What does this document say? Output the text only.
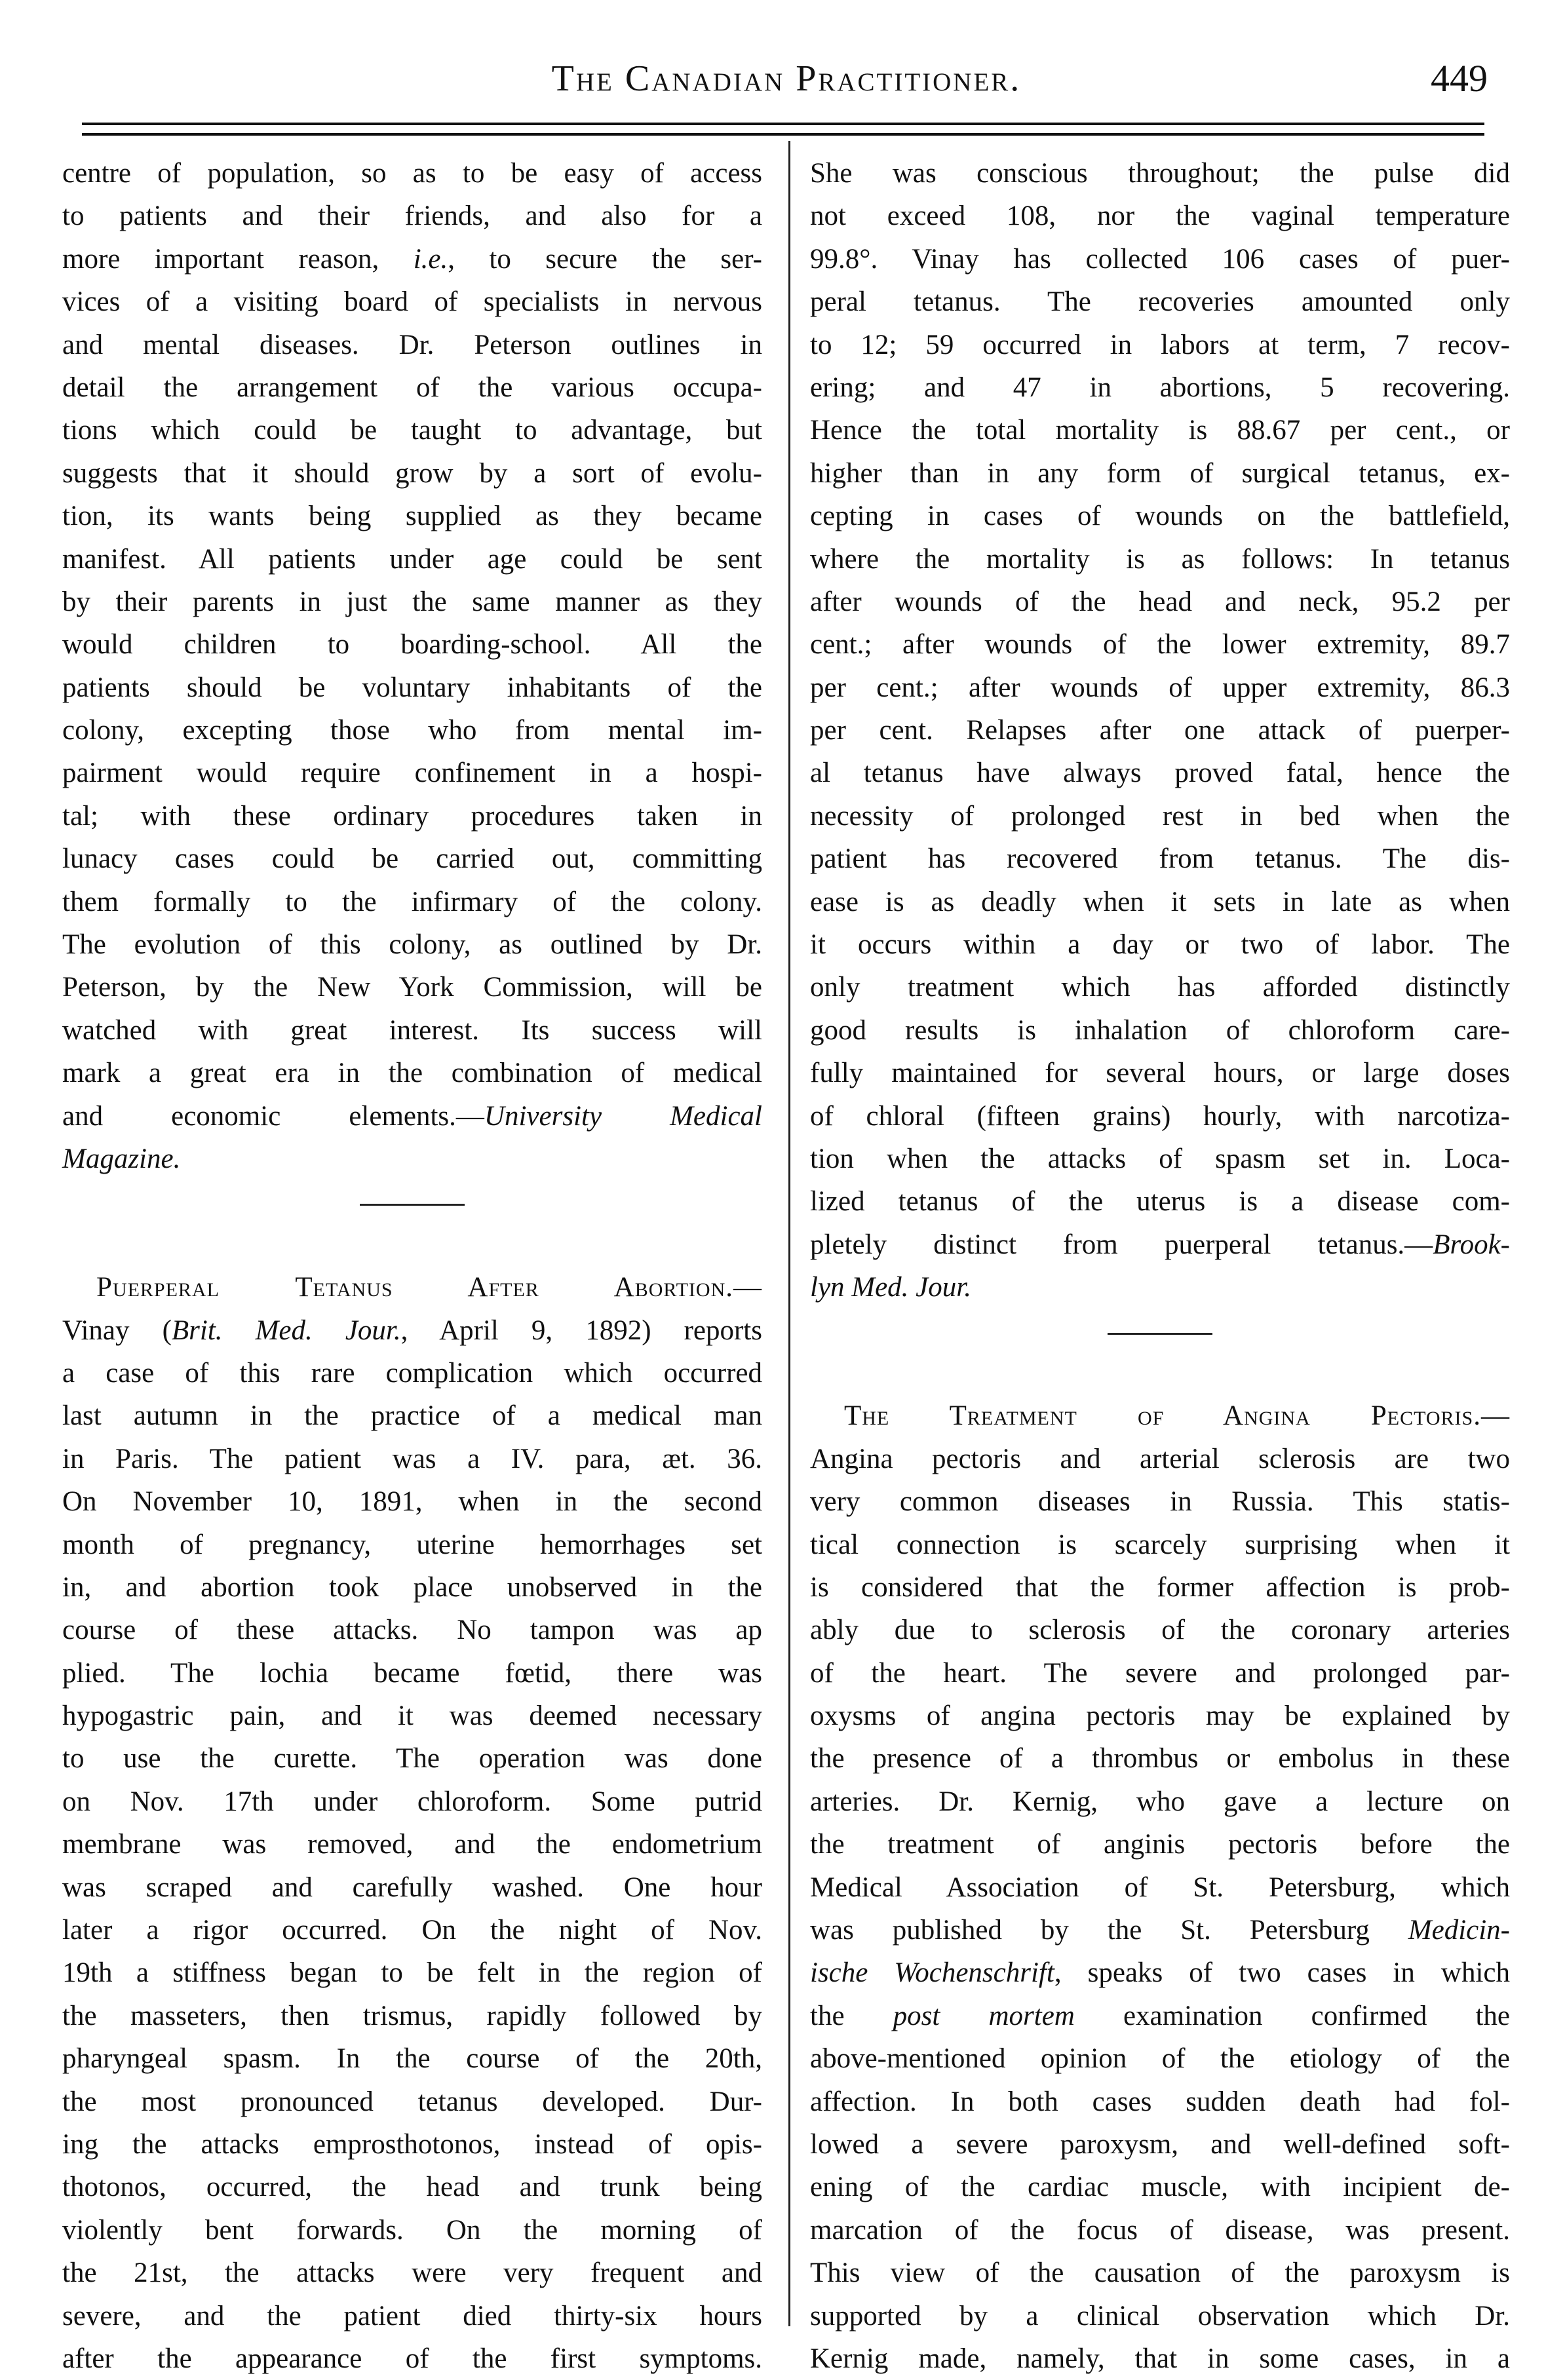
The Canadian Practitioner.	449
centre of population, so as to be easy of access
to patients and their friends, and also for a
more important reason, i.e., to secure the ser-
vices of a visiting board of specialists in nervous
and mental diseases. Dr. Peterson outlines in
detail the arrangement of the various occupa-
tions which could be taught to advantage, but
suggests that it should grow by a sort of evolu-
tion, its wants being supplied as they became
manifest. All patients under age could be sent
by their parents in just the same manner as they
would children to boarding-school. All the
patients should be voluntary inhabitants of the
colony, excepting those who from mental im-
pairment would require confinement in a hospi-
tal; with these ordinary procedures taken in
lunacy cases could be carried out, committing
them formally to the infirmary of the colony.
The evolution of this colony, as outlined by Dr.
Peterson, by the New York Commission, will be
watched with great interest. Its success will
mark a great era in the combination of medical
and economic elements.—University Medical
Magazine.
Puerperal Tetanus After Abortion.—
Vinay (Brit. Med. Jour., April 9, 1892) reports
a case of this rare complication which occurred
last autumn in the practice of a medical man
in Paris. The patient was a IV. para, æt. 36.
On November 10, 1891, when in the second
month of pregnancy, uterine hemorrhages set
in, and abortion took place unobserved in the
course of these attacks. No tampon was ap
plied. The lochia became fœtid, there was
hypogastric pain, and it was deemed necessary
to use the curette. The operation was done
on Nov. 17th under chloroform. Some putrid
membrane was removed, and the endometrium
was scraped and carefully washed. One hour
later a rigor occurred. On the night of Nov.
19th a stiffness began to be felt in the region of
the masseters, then trismus, rapidly followed by
pharyngeal spasm. In the course of the 20th,
the most pronounced tetanus developed. Dur-
ing the attacks emprosthotonos, instead of opis-
thotonos, occurred, the head and trunk being
violently bent forwards. On the morning of
the 21st, the attacks were very frequent and
severe, and the patient died thirty-six hours
after the appearance of the first symptoms.
She was conscious throughout; the pulse did
not exceed 108, nor the vaginal temperature
99.8°. Vinay has collected 106 cases of puer-
peral tetanus. The recoveries amounted only
to 12; 59 occurred in labors at term, 7 recov-
ering; and 47 in abortions, 5 recovering.
Hence the total mortality is 88.67 per cent., or
higher than in any form of surgical tetanus, ex-
cepting in cases of wounds on the battlefield,
where the mortality is as follows: In tetanus
after wounds of the head and neck, 95.2 per
cent.; after wounds of the lower extremity, 89.7
per cent.; after wounds of upper extremity, 86.3
per cent. Relapses after one attack of puerper-
al tetanus have always proved fatal, hence the
necessity of prolonged rest in bed when the
patient has recovered from tetanus. The dis-
ease is as deadly when it sets in late as when
it occurs within a day or two of labor. The
only treatment which has afforded distinctly
good results is inhalation of chloroform care-
fully maintained for several hours, or large doses
of chloral (fifteen grains) hourly, with narcotiza-
tion when the attacks of spasm set in. Loca-
lized tetanus of the uterus is a disease com-
pletely distinct from puerperal tetanus.—Brook-
lyn Med. Jour.
The Treatment of Angina Pectoris.—
Angina pectoris and arterial sclerosis are two
very common diseases in Russia. This statis-
tical connection is scarcely surprising when it
is considered that the former affection is prob-
ably due to sclerosis of the coronary arteries
of the heart. The severe and prolonged par-
oxysms of angina pectoris may be explained by
the presence of a thrombus or embolus in these
arteries. Dr. Kernig, who gave a lecture on
the treatment of anginis pectoris before the
Medical Association of St. Petersburg, which
was published by the St. Petersburg Medicin-
ische Wochenschrift, speaks of two cases in which
the post mortem examination confirmed the
above-mentioned opinion of the etiology of the
affection. In both cases sudden death had fol-
lowed a severe paroxysm, and well-defined soft-
ening of the cardiac muscle, with incipient de-
marcation of the focus of disease, was present.
This view of the causation of the paroxysm is
supported by a clinical observation which Dr.
Kernig made, namely, that in some cases, in a
